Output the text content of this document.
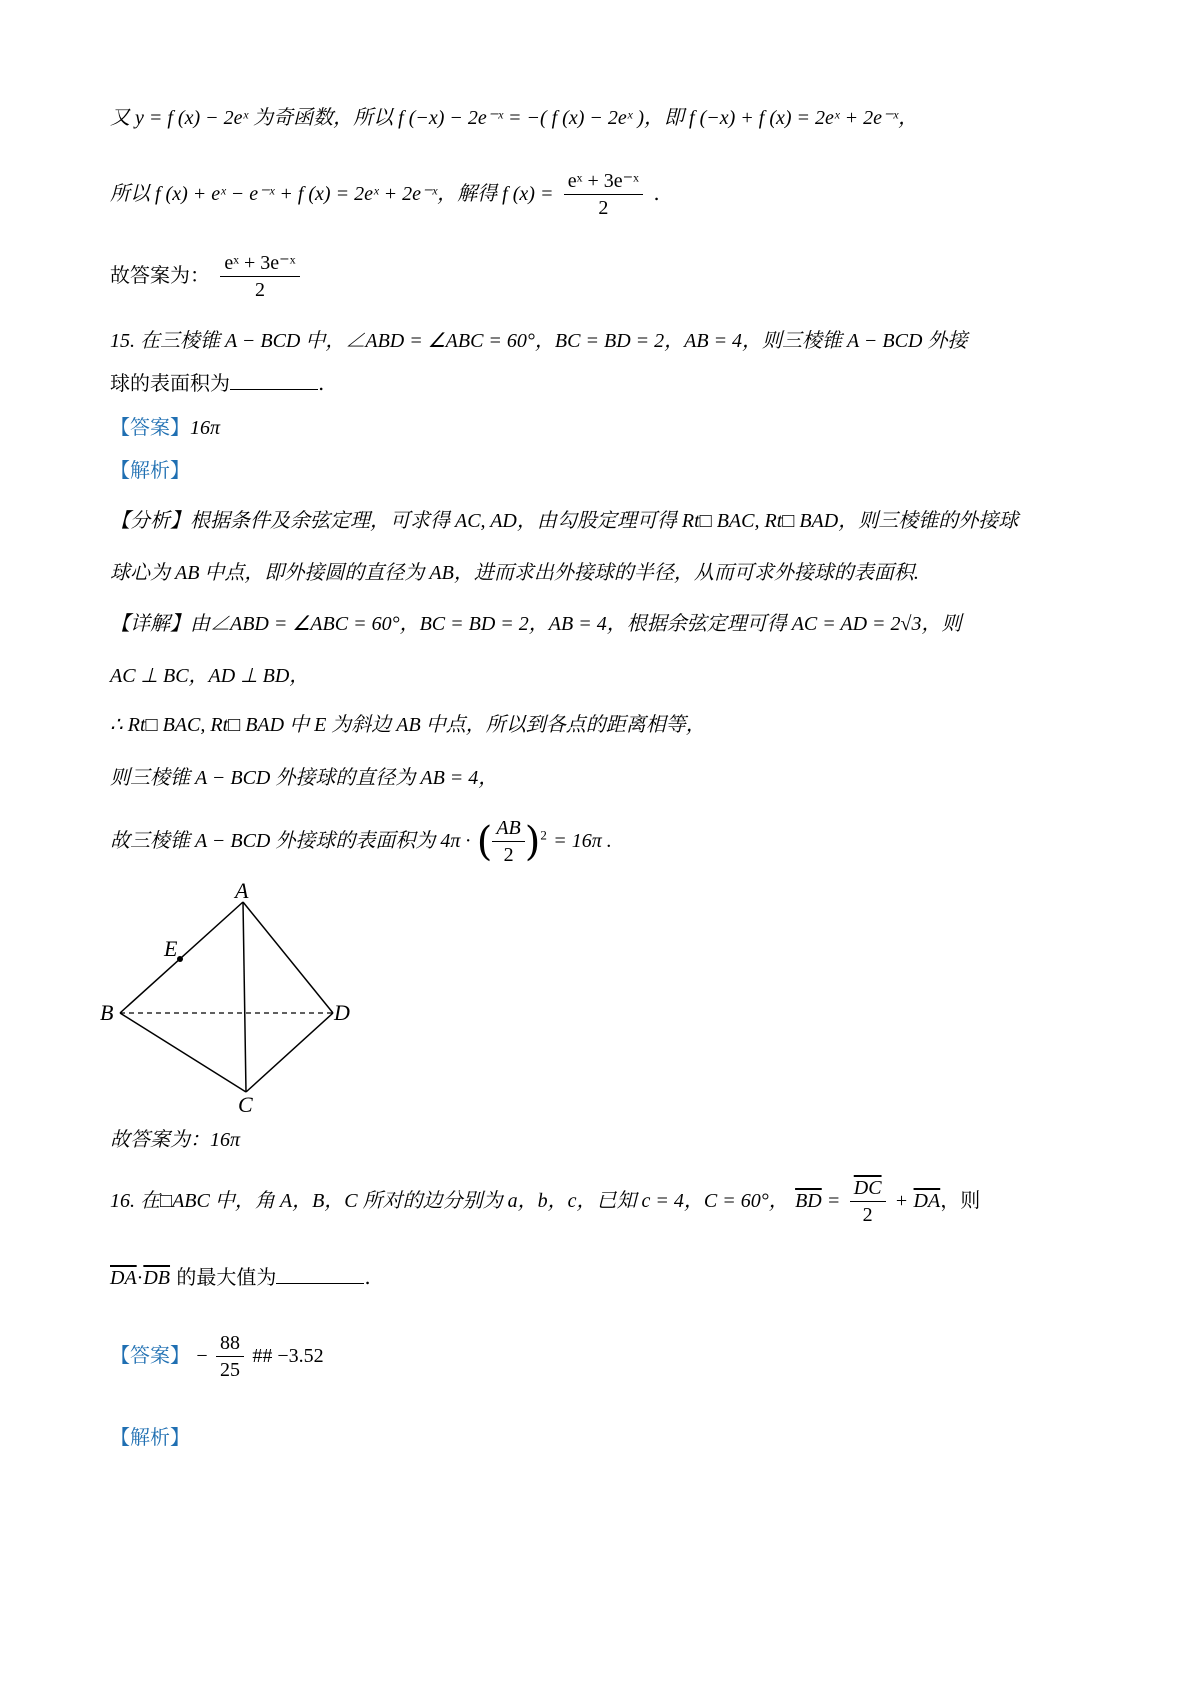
又 y = f (x) − 2eˣ 为奇函数，所以 f (−x) − 2e⁻ˣ = −( f (x) − 2eˣ )，即 f (−x) + f (x) = 2eˣ + 2e⁻ˣ，
所以 f (x) + eˣ − e⁻ˣ + f (x) = 2eˣ + 2e⁻ˣ，解得 f $(x) = \frac{\text{eˣ + 3e⁻ˣ}}{2}$ .
故答案为： $\frac{\text{eˣ + 3e⁻ˣ}}{2}$
15. 在三棱锥 A − BCD 中，∠ABD = ∠ABC = 60°，BC = BD = 2，AB = 4，则三棱锥 A − BCD 外接
球的表面积为	.
【答案】16π
【解析】
【分析】根据条件及余弦定理，可求得 AC, AD，由勾股定理可得 Rt□ BAC, Rt□ BAD，则三棱锥的外接球
球心为 AB 中点，即外接圆的直径为 AB，进而求出外接球的半径，从而可求外接球的表面积.
【详解】由∠ABD = ∠ABC = 60°，BC = BD = 2，AB = 4，根据余弦定理可得 AC = AD = 2√3，则
AC ⊥ BC，AD ⊥ BD，
∴ Rt□ BAC, Rt□ BAD 中 E 为斜边 AB 中点，所以到各点的距离相等，
则三棱锥 A − BCD 外接球的直径为 AB = 4，
故三棱锥 A − BCD 外接球的表面积为 4π · ( $\frac{AB}{2} )^2 = 16\pi$ .
A
B
C
D
E
故答案为：16π
16. 在□ABC 中，角 A，B，C 所对的边分别为 a，b，c，已知 c = 4，C = 60°， $\overline{BD} = \frac{\overline{DC}}{2} + \overline{DA}$，则
$\overline{DA}\cdot\overline{DB}$ 的最大值为	.
【答案】 − $\frac{88}{25}$ ## −3.52
【解析】
